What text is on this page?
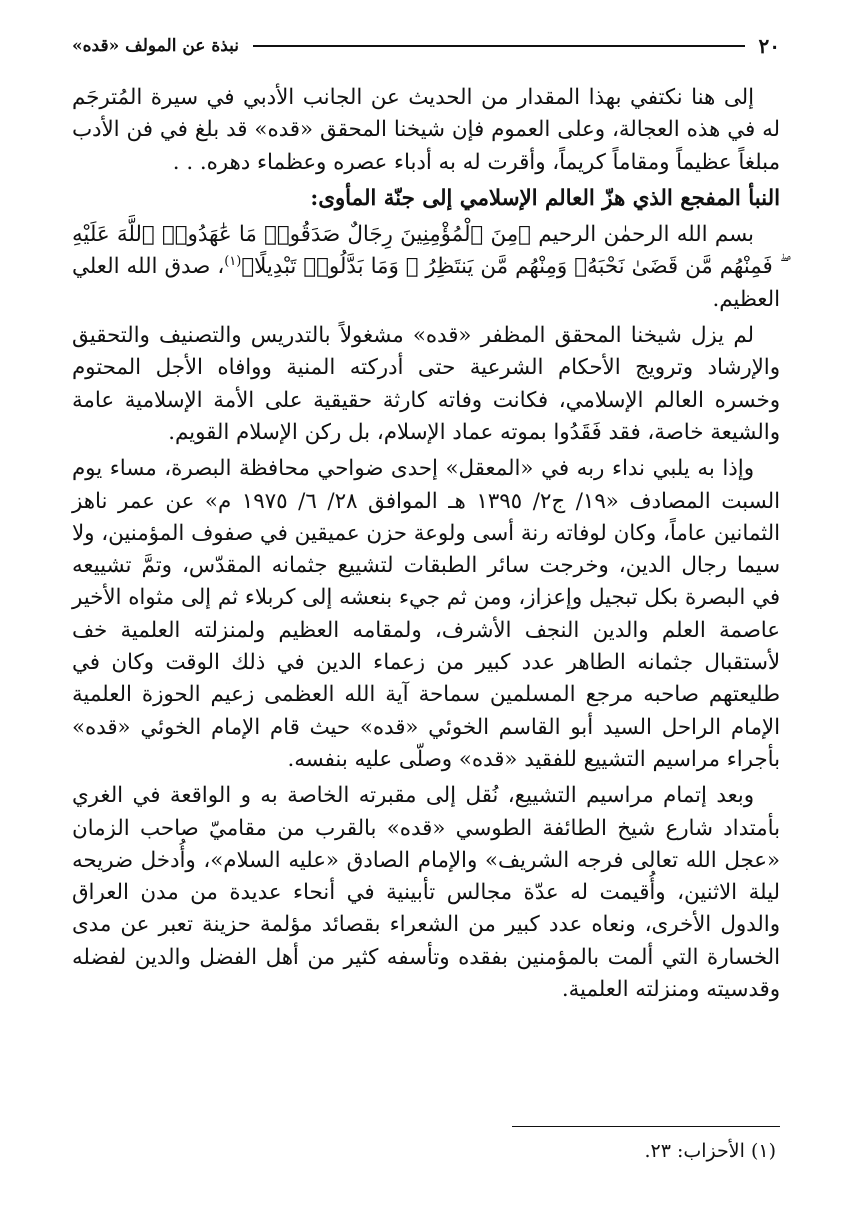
٢٠
نبذة عن المولف «قده»

إلى هنا نكتفي بهذا المقدار من الحديث عن الجانب الأدبي في سيرة المُترجَم له في هذه العجالة، وعلى العموم فإن شيخنا المحقق «قده» قد بلغ في فن الأدب مبلغاً عظيماً ومقاماً كريماً، وأقرت له به أدباء عصره وعظماء دهره. . .

النبأ المفجع الذي هزّ العالم الإسلامي إلى جنّة المأوى:

بسم الله الرحمٰن الرحيم ﴿مِنَ ٱلْمُؤْمِنِينَ رِجَالٌ صَدَقُوا۟ مَا عَٰهَدُوا۟ ٱللَّهَ عَلَيْهِ ۖ فَمِنْهُم مَّن قَضَىٰ نَحْبَهُۥ وَمِنْهُم مَّن يَنتَظِرُ ۖ وَمَا بَدَّلُوا۟ تَبْدِيلًا﴾$^{(١)}$، صدق الله العلي العظيم.

لم يزل شيخنا المحقق المظفر «قده» مشغولاً بالتدريس والتصنيف والتحقيق والإرشاد وترويج الأحكام الشرعية حتى أدركته المنية ووافاه الأجل المحتوم وخسره العالم الإسلامي، فكانت وفاته كارثة حقيقية على الأمة الإسلامية عامة والشيعة خاصة، فقد فَقَدُوا بموته عماد الإسلام، بل ركن الإسلام القويم.

وإذا به يلبي نداء ربه في «المعقل» إحدى ضواحي محافظة البصرة، مساء يوم السبت المصادف «١٩/ ج٢/ ١٣٩٥ هـ الموافق ٢٨/ ٦/ ١٩٧٥ م» عن عمر ناهز الثمانين عاماً، وكان لوفاته رنة أسى ولوعة حزن عميقين في صفوف المؤمنين، ولا سيما رجال الدين، وخرجت سائر الطبقات لتشييع جثمانه المقدّس، وتمَّ تشييعه في البصرة بكل تبجيل وإعزاز، ومن ثم جيء بنعشه إلى كربلاء ثم إلى مثواه الأخير عاصمة العلم والدين النجف الأشرف، ولمقامه العظيم ولمنزلته العلمية خف لأستقبال جثمانه الطاهر عدد كبير من زعماء الدين في ذلك الوقت وكان في طليعتهم صاحبه مرجع المسلمين سماحة آية الله العظمى زعيم الحوزة العلمية الإمام الراحل السيد أبو القاسم الخوئي «قده» حيث قام الإمام الخوئي «قده» بأجراء مراسيم التشييع للفقيد «قده» وصلّى عليه بنفسه.

وبعد إتمام مراسيم التشييع، نُقل إلى مقبرته الخاصة به و الواقعة في الغري بأمتداد شارع شيخ الطائفة الطوسي «قده» بالقرب من مقاميّ صاحب الزمان «عجل الله تعالى فرجه الشريف» والإمام الصادق «عليه السلام»، وأُدخل ضريحه ليلة الاثنين، وأُقيمت له عدّة مجالس تأبينية في أنحاء عديدة من مدن العراق والدول الأخرى، ونعاه عدد كبير من الشعراء بقصائد مؤلمة حزينة تعبر عن مدى الخسارة التي ألمت بالمؤمنين بفقده وتأسفه كثير من أهل الفضل والدين لفضله وقدسيته ومنزلته العلمية.

(١) الأحزاب: ٢٣.
